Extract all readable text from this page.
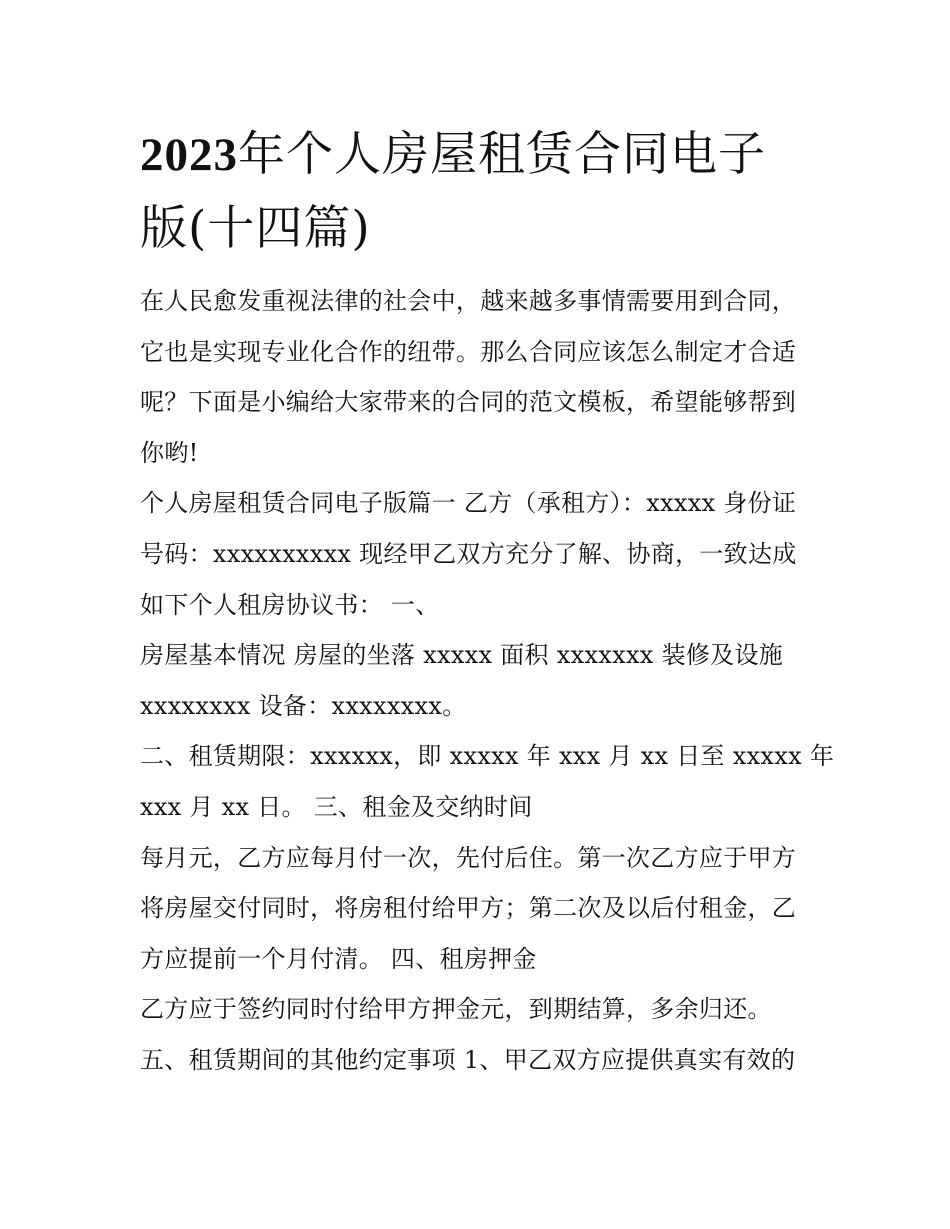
2023年个人房屋租赁合同电子
版(十四篇)
在人民愈发重视法律的社会中，越来越多事情需要用到合同，
它也是实现专业化合作的纽带。那么合同应该怎么制定才合适
呢？下面是小编给大家带来的合同的范文模板，希望能够帮到
你哟!
个人房屋租赁合同电子版篇一 乙方（承租方）：xxxxx 身份证
号码：xxxxxxxxxx 现经甲乙双方充分了解、协商，一致达成
如下个人租房协议书： 一、
房屋基本情况 房屋的坐落 xxxxx 面积 xxxxxxx 装修及设施
xxxxxxxx 设备：xxxxxxxx。
二、租赁期限：xxxxxx，即 xxxxx 年 xxx 月 xx 日至 xxxxx 年
xxx 月 xx 日。 三、租金及交纳时间
每月元，乙方应每月付一次，先付后住。第一次乙方应于甲方
将房屋交付同时，将房租付给甲方；第二次及以后付租金，乙
方应提前一个月付清。 四、租房押金
乙方应于签约同时付给甲方押金元，到期结算，多余归还。
五、租赁期间的其他约定事项 1、甲乙双方应提供真实有效的
